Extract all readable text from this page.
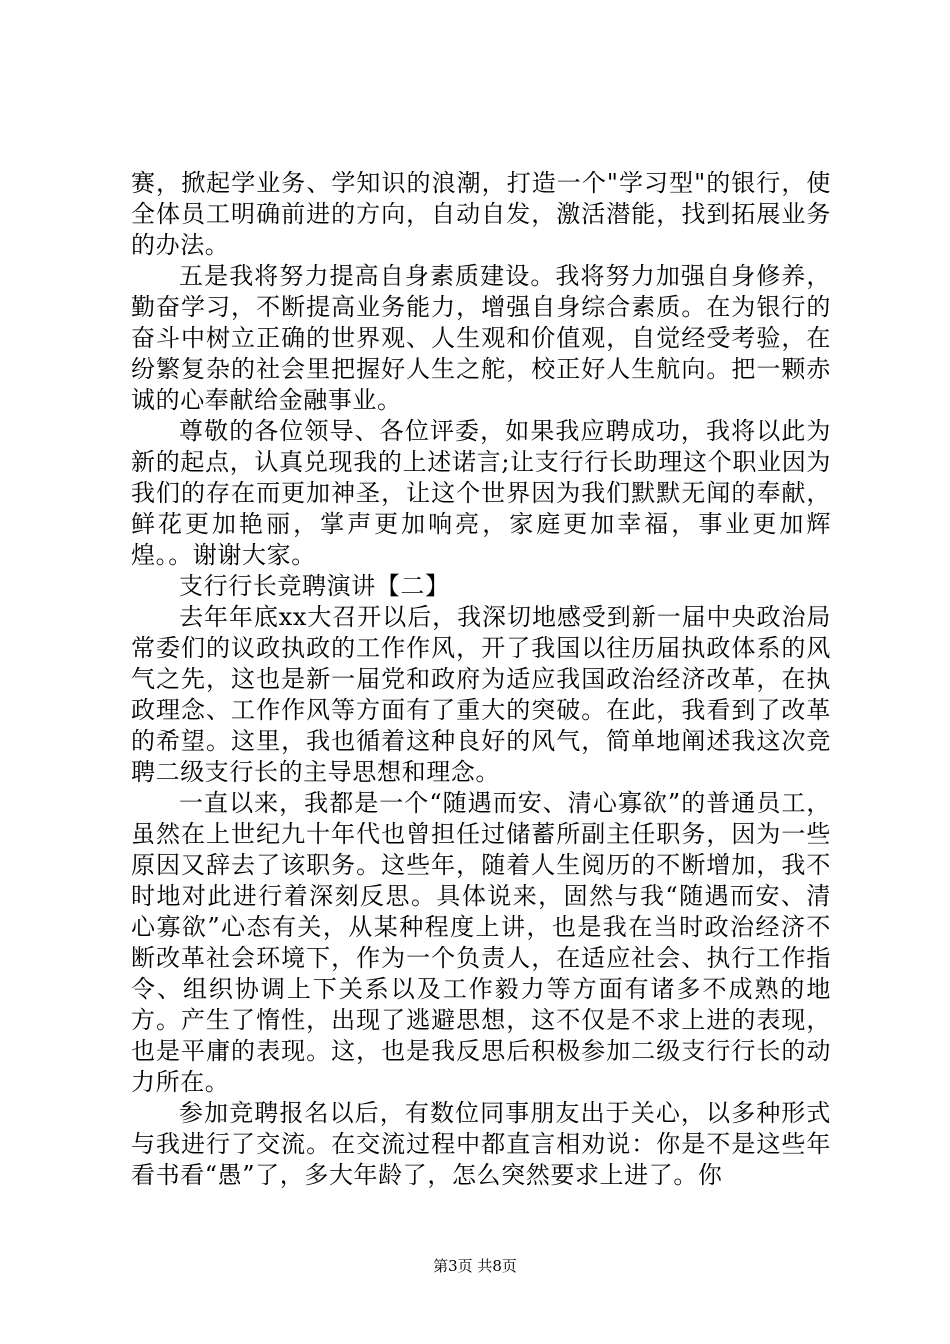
赛，掀起学业务、学知识的浪潮，打造一个"学习型"的银行，使全体员工明确前进的方向，自动自发，激活潜能，找到拓展业务的办法。

五是我将努力提高自身素质建设。我将努力加强自身修养，勤奋学习，不断提高业务能力，增强自身综合素质。在为银行的奋斗中树立正确的世界观、人生观和价值观，自觉经受考验，在纷繁复杂的社会里把握好人生之舵，校正好人生航向。把一颗赤诚的心奉献给金融事业。

尊敬的各位领导、各位评委，如果我应聘成功，我将以此为新的起点，认真兑现我的上述诺言;让支行行长助理这个职业因为我们的存在而更加神圣，让这个世界因为我们默默无闻的奉献，鲜花更加艳丽，掌声更加响亮，家庭更加幸福，事业更加辉煌。。谢谢大家。

支行行长竞聘演讲【二】

去年年底xx大召开以后，我深切地感受到新一届中央政治局常委们的议政执政的工作作风，开了我国以往历届执政体系的风气之先，这也是新一届党和政府为适应我国政治经济改革，在执政理念、工作作风等方面有了重大的突破。在此，我看到了改革的希望。这里，我也循着这种良好的风气，简单地阐述我这次竞聘二级支行长的主导思想和理念。

一直以来，我都是一个“随遇而安、清心寡欲”的普通员工，虽然在上世纪九十年代也曾担任过储蓄所副主任职务，因为一些原因又辞去了该职务。这些年，随着人生阅历的不断增加，我不时地对此进行着深刻反思。具体说来，固然与我“随遇而安、清心寡欲”心态有关，从某种程度上讲，也是我在当时政治经济不断改革社会环境下，作为一个负责人，在适应社会、执行工作指令、组织协调上下关系以及工作毅力等方面有诸多不成熟的地方。产生了惰性，出现了逃避思想，这不仅是不求上进的表现，也是平庸的表现。这，也是我反思后积极参加二级支行行长的动力所在。

参加竞聘报名以后，有数位同事朋友出于关心，以多种形式与我进行了交流。在交流过程中都直言相劝说：你是不是这些年看书看“愚”了，多大年龄了，怎么突然要求上进了。你

第3页 共8页
